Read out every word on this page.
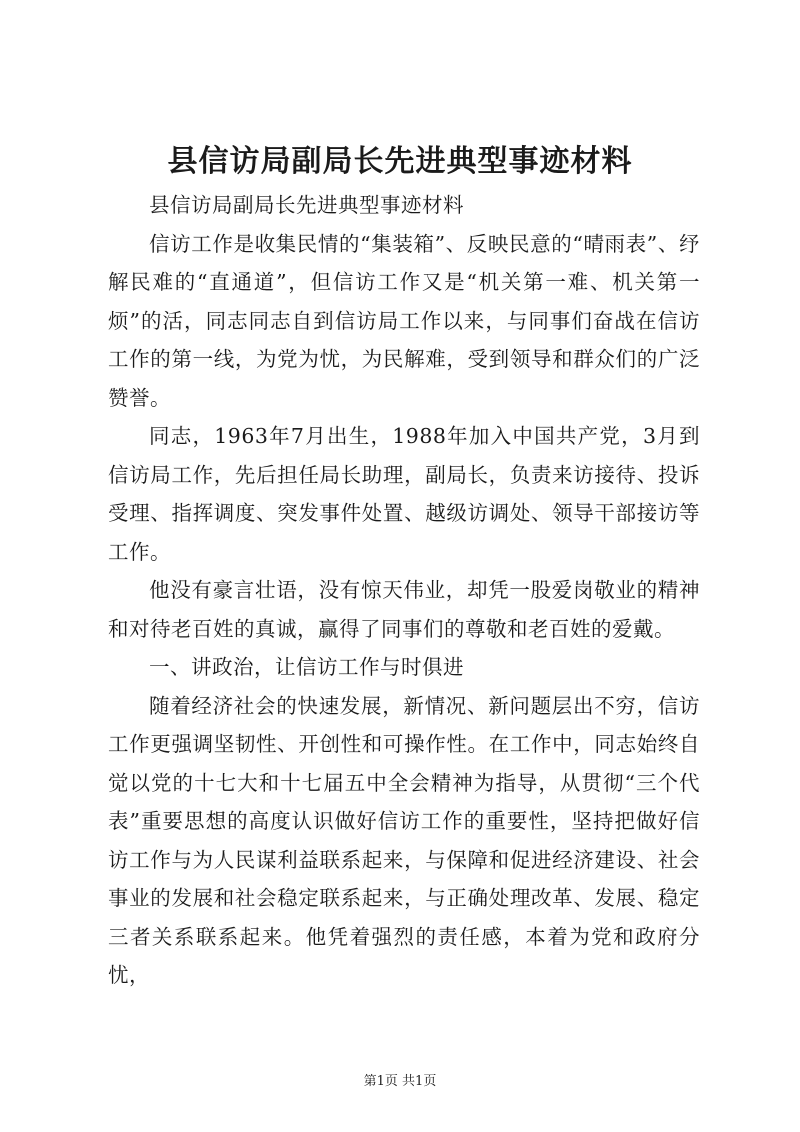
县信访局副局长先进典型事迹材料

县信访局副局长先进典型事迹材料

信访工作是收集民情的“集装箱”、反映民意的“晴雨表”、纾解民难的“直通道”，但信访工作又是“机关第一难、机关第一烦”的活，同志同志自到信访局工作以来，与同事们奋战在信访工作的第一线，为党为忧，为民解难，受到领导和群众们的广泛赞誉。

同志，1963年7月出生，1988年加入中国共产党，3月到信访局工作，先后担任局长助理，副局长，负责来访接待、投诉受理、指挥调度、突发事件处置、越级访调处、领导干部接访等工作。

他没有豪言壮语，没有惊天伟业，却凭一股爱岗敬业的精神和对待老百姓的真诚，赢得了同事们的尊敬和老百姓的爱戴。

一、讲政治，让信访工作与时俱进

随着经济社会的快速发展，新情况、新问题层出不穷，信访工作更强调坚韧性、开创性和可操作性。在工作中，同志始终自觉以党的十七大和十七届五中全会精神为指导，从贯彻“三个代表”重要思想的高度认识做好信访工作的重要性，坚持把做好信访工作与为人民谋利益联系起来，与保障和促进经济建设、社会事业的发展和社会稳定联系起来，与正确处理改革、发展、稳定三者关系联系起来。他凭着强烈的责任感，本着为党和政府分忧，

第1页 共1页
